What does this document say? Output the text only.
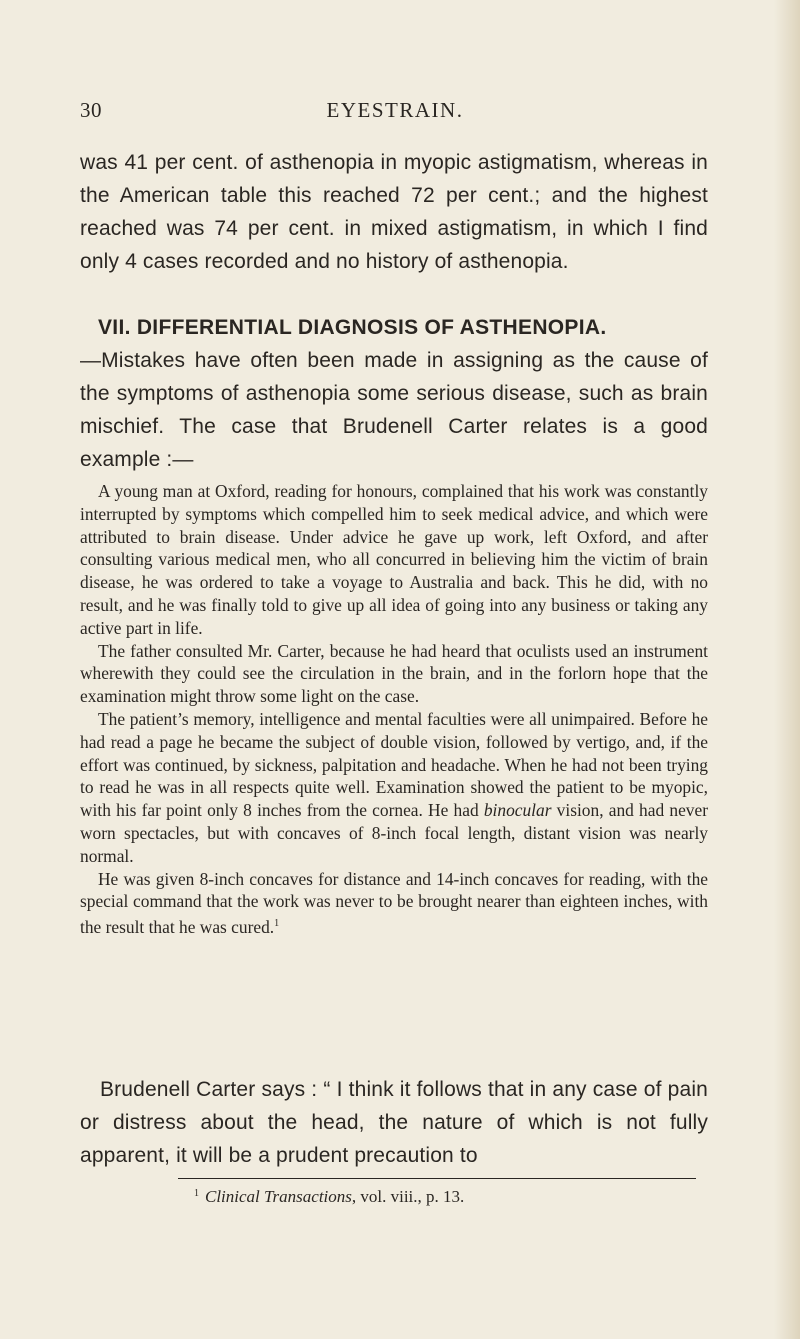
30	EYESTRAIN.

was 41 per cent. of asthenopia in myopic astigmatism, whereas in the American table this reached 72 per cent.; and the highest reached was 74 per cent. in mixed astigmatism, in which I find only 4 cases recorded and no history of asthenopia.

VII. DIFFERENTIAL DIAGNOSIS OF ASTHENOPIA.

—Mistakes have often been made in assigning as the cause of the symptoms of asthenopia some serious disease, such as brain mischief. The case that Brudenell Carter relates is a good example :—

A young man at Oxford, reading for honours, complained that his work was constantly interrupted by symptoms which compelled him to seek medical advice, and which were attributed to brain disease. Under advice he gave up work, left Oxford, and after consulting various medical men, who all concurred in believing him the victim of brain disease, he was ordered to take a voyage to Australia and back. This he did, with no result, and he was finally told to give up all idea of going into any business or taking any active part in life.

The father consulted Mr. Carter, because he had heard that oculists used an instrument wherewith they could see the circulation in the brain, and in the forlorn hope that the examination might throw some light on the case.

The patient’s memory, intelligence and mental faculties were all unimpaired. Before he had read a page he became the subject of double vision, followed by vertigo, and, if the effort was continued, by sickness, palpitation and headache. When he had not been trying to read he was in all respects quite well. Examination showed the patient to be myopic, with his far point only 8 inches from the cornea. He had binocular vision, and had never worn spectacles, but with concaves of 8-inch focal length, distant vision was nearly normal.

He was given 8-inch concaves for distance and 14-inch concaves for reading, with the special command that the work was never to be brought nearer than eighteen inches, with the result that he was cured.$^1$

Brudenell Carter says : “ I think it follows that in any case of pain or distress about the head, the nature of which is not fully apparent, it will be a prudent precaution to

$^1$ Clinical Transactions, vol. viii., p. 13.
